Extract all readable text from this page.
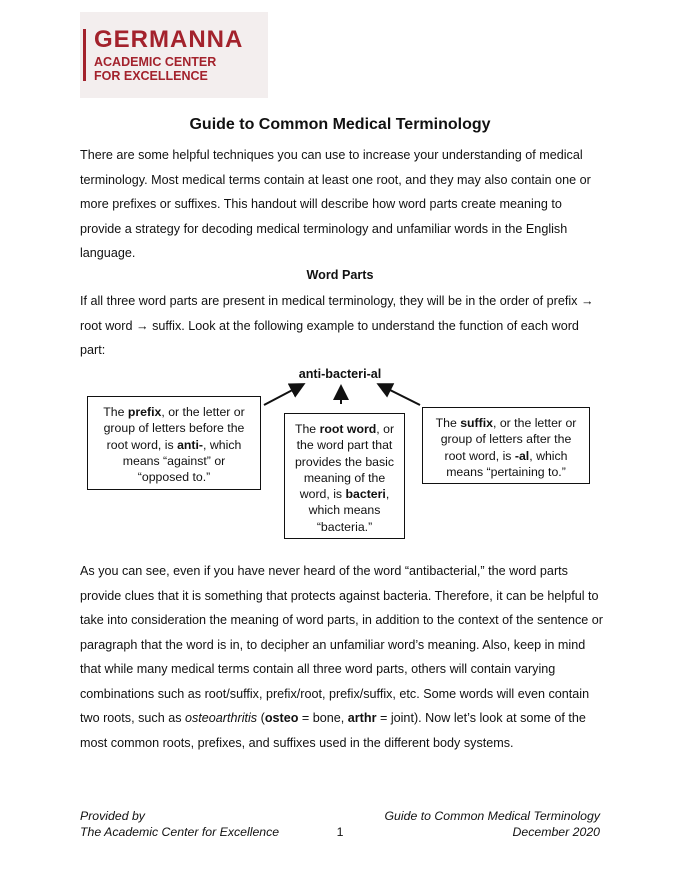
GERMANNA
ACADEMIC CENTER
FOR EXCELLENCE
Guide to Common Medical Terminology
There are some helpful techniques you can use to increase your understanding of medical terminology. Most medical terms contain at least one root, and they may also contain one or more prefixes or suffixes. This handout will describe how word parts create meaning to provide a strategy for decoding medical terminology and unfamiliar words in the English language.
Word Parts
If all three word parts are present in medical terminology, they will be in the order of prefix → root word → suffix. Look at the following example to understand the function of each word part:
anti-bacteri-al
The prefix, or the letter or group of letters before the root word, is anti-, which means “against” or “opposed to.”
The root word, or the word part that provides the basic meaning of the word, is bacteri, which means “bacteria.”
The suffix, or the letter or group of letters after the root word, is -al, which means “pertaining to.”
As you can see, even if you have never heard of the word “antibacterial,” the word parts provide clues that it is something that protects against bacteria. Therefore, it can be helpful to take into consideration the meaning of word parts, in addition to the context of the sentence or paragraph that the word is in, to decipher an unfamiliar word’s meaning. Also, keep in mind that while many medical terms contain all three word parts, others will contain varying combinations such as root/suffix, prefix/root, prefix/suffix, etc. Some words will even contain two roots, such as osteoarthritis (osteo = bone, arthr = joint). Now let’s look at some of the most common roots, prefixes, and suffixes used in the different body systems.
Provided by
The Academic Center for Excellence	1
Guide to Common Medical Terminology
December 2020
